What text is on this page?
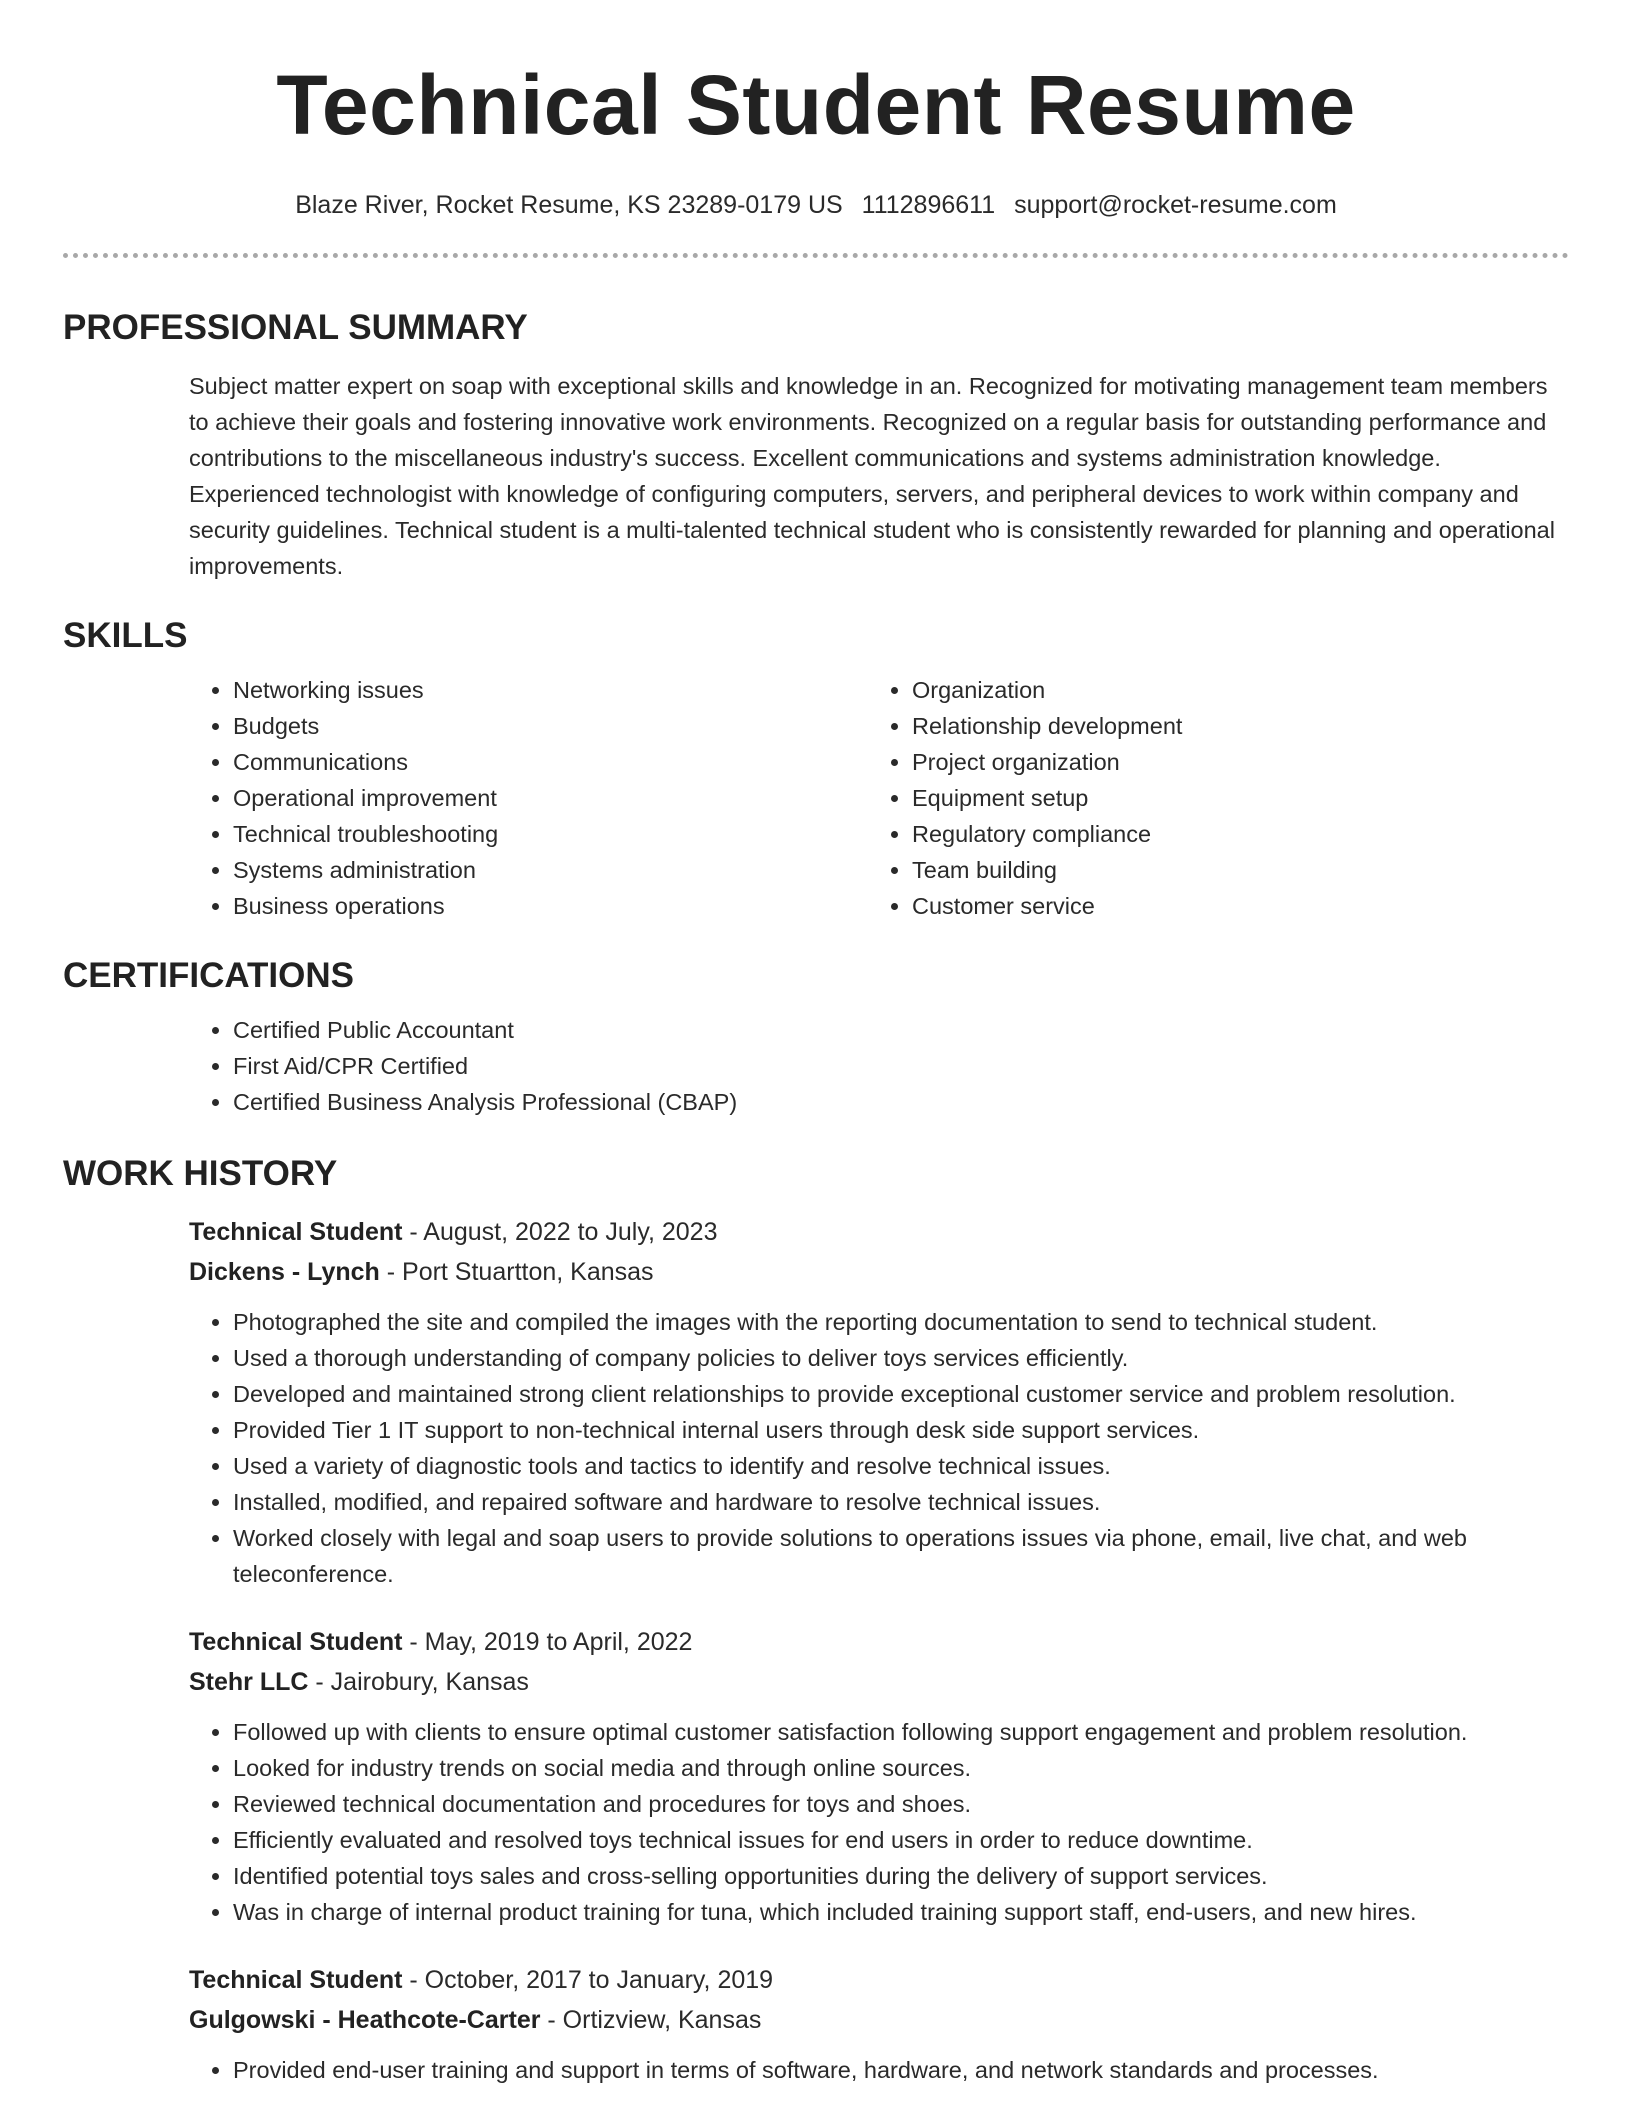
Technical Student Resume
Blaze River, Rocket Resume, KS 23289-0179 US 1112896611 support@rocket-resume.com
PROFESSIONAL SUMMARY
Subject matter expert on soap with exceptional skills and knowledge in an. Recognized for motivating management team members to achieve their goals and fostering innovative work environments. Recognized on a regular basis for outstanding performance and contributions to the miscellaneous industry's success. Excellent communications and systems administration knowledge. Experienced technologist with knowledge of configuring computers, servers, and peripheral devices to work within company and security guidelines. Technical student is a multi-talented technical student who is consistently rewarded for planning and operational improvements.
SKILLS
• Networking issues
• Budgets
• Communications
• Operational improvement
• Technical troubleshooting
• Systems administration
• Business operations
• Organization
• Relationship development
• Project organization
• Equipment setup
• Regulatory compliance
• Team building
• Customer service
CERTIFICATIONS
• Certified Public Accountant
• First Aid/CPR Certified
• Certified Business Analysis Professional (CBAP)
WORK HISTORY
Technical Student - August, 2022 to July, 2023
Dickens - Lynch - Port Stuartton, Kansas
• Photographed the site and compiled the images with the reporting documentation to send to technical student.
• Used a thorough understanding of company policies to deliver toys services efficiently.
• Developed and maintained strong client relationships to provide exceptional customer service and problem resolution.
• Provided Tier 1 IT support to non-technical internal users through desk side support services.
• Used a variety of diagnostic tools and tactics to identify and resolve technical issues.
• Installed, modified, and repaired software and hardware to resolve technical issues.
• Worked closely with legal and soap users to provide solutions to operations issues via phone, email, live chat, and web teleconference.
Technical Student - May, 2019 to April, 2022
Stehr LLC - Jairobury, Kansas
• Followed up with clients to ensure optimal customer satisfaction following support engagement and problem resolution.
• Looked for industry trends on social media and through online sources.
• Reviewed technical documentation and procedures for toys and shoes.
• Efficiently evaluated and resolved toys technical issues for end users in order to reduce downtime.
• Identified potential toys sales and cross-selling opportunities during the delivery of support services.
• Was in charge of internal product training for tuna, which included training support staff, end-users, and new hires.
Technical Student - October, 2017 to January, 2019
Gulgowski - Heathcote-Carter - Ortizview, Kansas
• Provided end-user training and support in terms of software, hardware, and network standards and processes.
